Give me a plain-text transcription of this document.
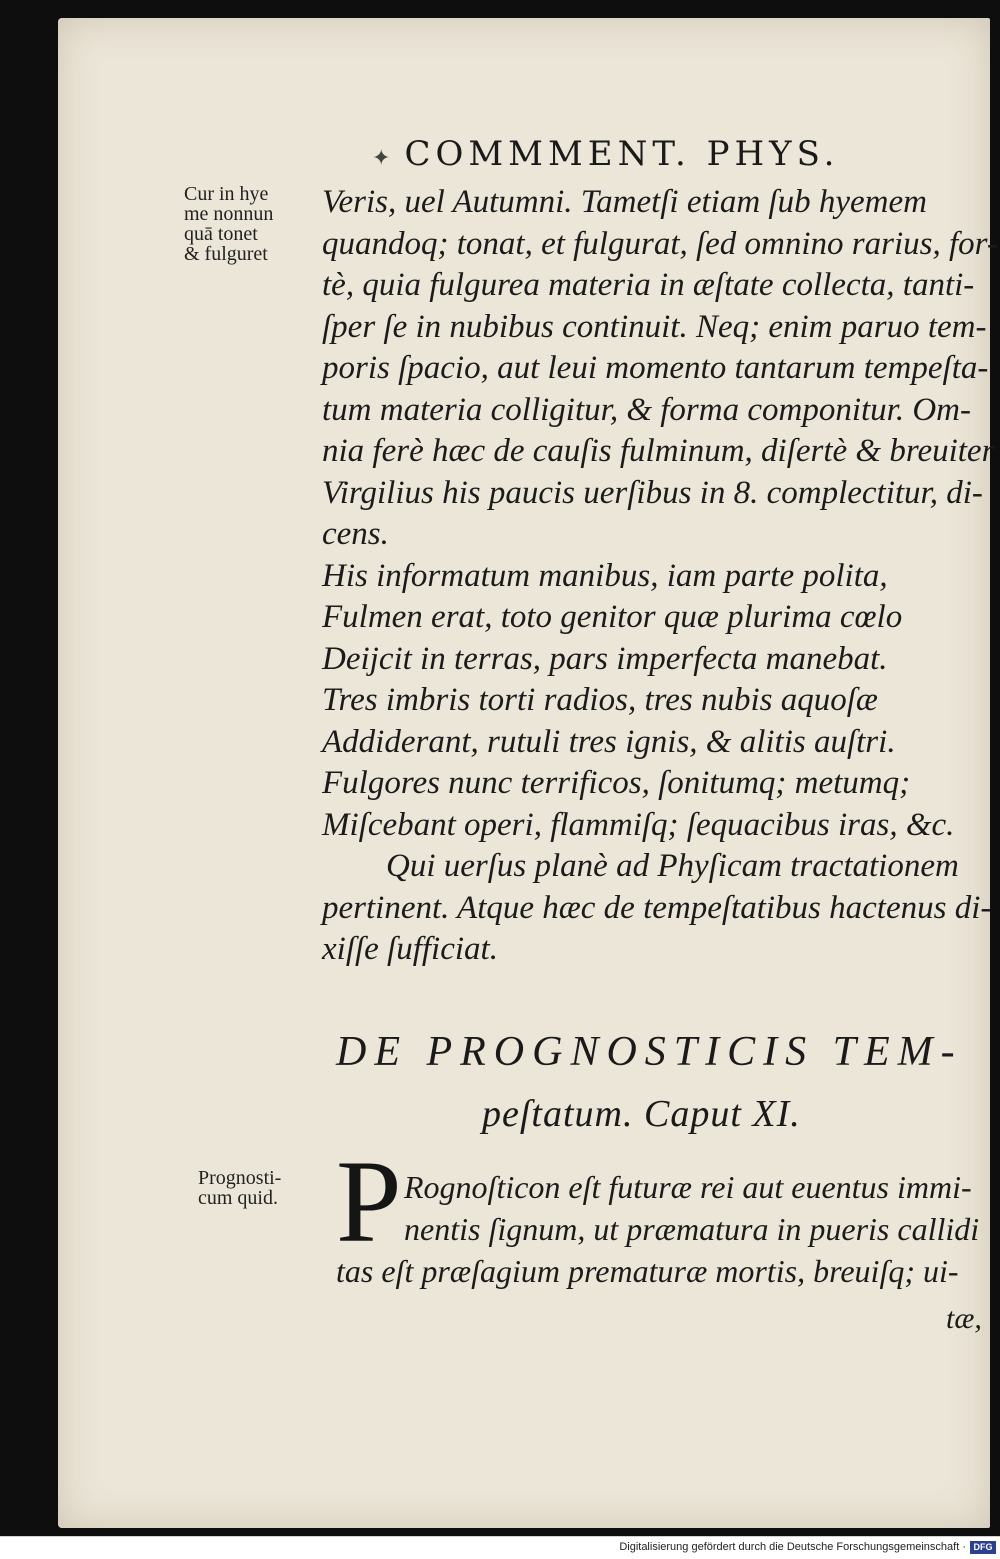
✦ COMMMENT. PHYS.
Cur in hye
me nonnun
quā tonet
& fulguret
Veris, uel Autumni. Tametſi etiam ſub hyemem
quandoq; tonat, et fulgurat, ſed omnino rarius, for-
tè, quia fulgurea materia in æſtate collecta, tanti-
ſper ſe in nubibus continuit. Neq; enim paruo tem-
poris ſpacio, aut leui momento tantarum tempeſta-
tum materia colligitur, & forma componitur. Om-
nia ferè hæc de cauſis fulminum, diſertè & breuiter
Virgilius his paucis uerſibus in 8. complectitur, di-
cens.
His informatum manibus, iam parte polita,
Fulmen erat, toto genitor quæ plurima cœlo
Deijcit in terras, pars imperfecta manebat.
Tres imbris torti radios, tres nubis aquoſæ
Addiderant, rutuli tres ignis, & alitis auſtri.
Fulgores nunc terrificos, ſonitumq; metumq;
Miſcebant operi, flammiſq; ſequacibus iras, &c.
Qui uerſus planè ad Phyſicam tractationem
pertinent. Atque hæc de tempeſtatibus hactenus di-
xiſſe ſufficiat.
DE PROGNOSTICIS TEM-
peſtatum. Caput XI.
Prognosti-
cum quid. P Rognoſticon eſt futuræ rei aut euentus immi-
nentis ſignum, ut præmatura in pueris callidi
tas eſt præſagium prematuræ mortis, breuiſq; ui-
tæ,
Digitalisierung gefördert durch die Deutsche Forschungsgemeinschaft · DFG
